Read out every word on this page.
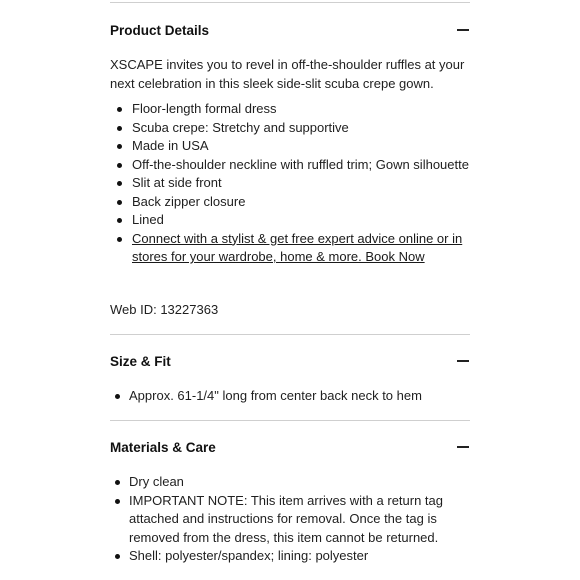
Product Details

XSCAPE invites you to revel in off-the-shoulder ruffles at your next celebration in this sleek side-slit scuba crepe gown.

Floor-length formal dress
Scuba crepe: Stretchy and supportive
Made in USA
Off-the-shoulder neckline with ruffled trim; Gown silhouette
Slit at side front
Back zipper closure
Lined
Connect with a stylist & get free expert advice online or in stores for your wardrobe, home & more. Book Now
Web ID: 13227363
Size & Fit
Approx. 61-1/4" long from center back neck to hem
Materials & Care
Dry clean
IMPORTANT NOTE: This item arrives with a return tag attached and instructions for removal. Once the tag is removed from the dress, this item cannot be returned.
Shell: polyester/spandex; lining: polyester
